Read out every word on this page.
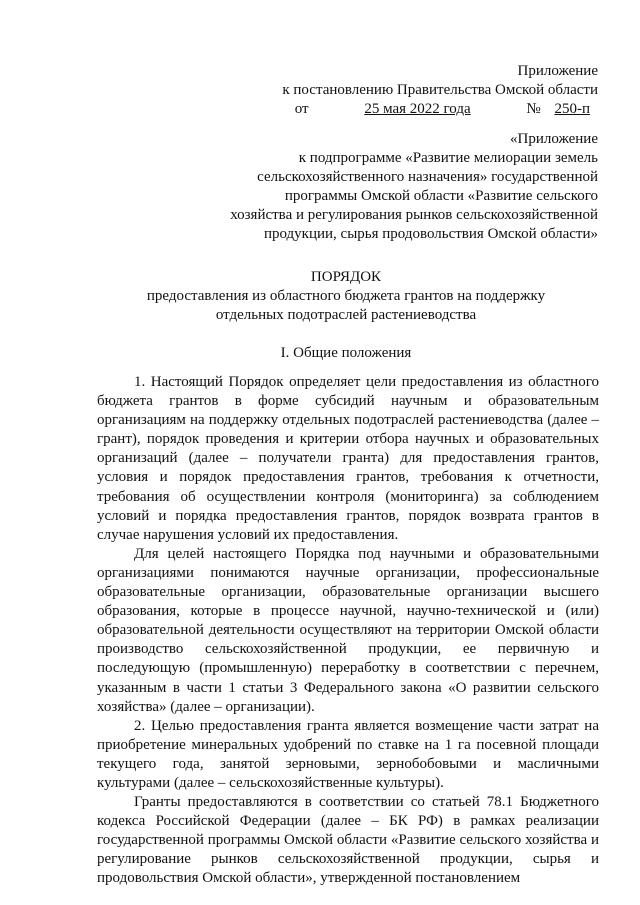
Приложение
к постановлению Правительства Омской области
от	25 мая 2022 года	№ 250-п
«Приложение
к подпрограмме «Развитие мелиорации земель
сельскохозяйственного назначения» государственной
программы Омской области «Развитие сельского
хозяйства и регулирования рынков сельскохозяйственной
продукции, сырья продовольствия Омской области»
ПОРЯДОК
предоставления из областного бюджета грантов на поддержку
отдельных подотраслей растениеводства
I. Общие положения

1. Настоящий Порядок определяет цели предоставления из областного бюджета грантов в форме субсидий научным и образовательным организациям на поддержку отдельных подотраслей растениеводства (далее – грант), порядок проведения и критерии отбора научных и образовательных организаций (далее – получатели гранта) для предоставления грантов, условия и порядок предоставления грантов, требования к отчетности, требования об осуществлении контроля (мониторинга) за соблюдением условий и порядка предоставления грантов, порядок возврата грантов в случае нарушения условий их предоставления.

Для целей настоящего Порядка под научными и образовательными организациями понимаются научные организации, профессиональные образовательные организации, образовательные организации высшего образования, которые в процессе научной, научно-технической и (или) образовательной деятельности осуществляют на территории Омской области производство сельскохозяйственной продукции, ее первичную и последующую (промышленную) переработку в соответствии с перечнем, указанным в части 1 статьи 3 Федерального закона «О развитии сельского хозяйства» (далее – организации).

2. Целью предоставления гранта является возмещение части затрат на приобретение минеральных удобрений по ставке на 1 га посевной площади текущего года, занятой зерновыми, зернобобовыми и масличными культурами (далее – сельскохозяйственные культуры).

Гранты предоставляются в соответствии со статьей 78.1 Бюджетного кодекса Российской Федерации (далее – БК РФ) в рамках реализации государственной программы Омской области «Развитие сельского хозяйства и регулирование рынков сельскохозяйственной продукции, сырья и продовольствия Омской области», утвержденной постановлением
